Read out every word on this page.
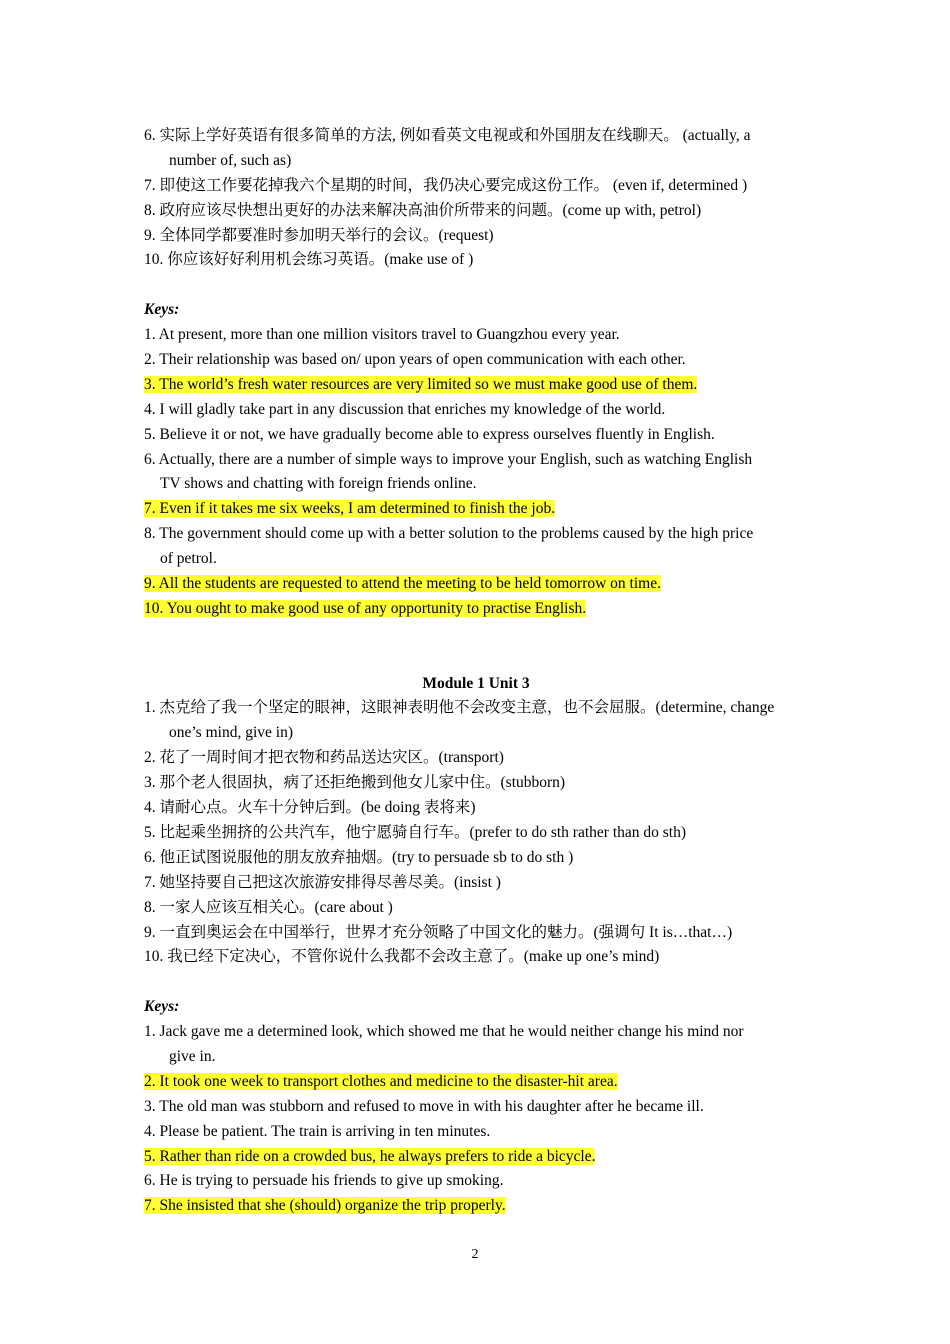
6. 实际上学好英语有很多简单的方法, 例如看英文电视或和外国朋友在线聊天。 (actually, a
number of, such as)
7. 即使这工作要花掉我六个星期的时间，我仍决心要完成这份工作。 (even if, determined )
8. 政府应该尽快想出更好的办法来解决高油价所带来的问题。(come up with, petrol)
9. 全体同学都要准时参加明天举行的会议。(request)
10. 你应该好好利用机会练习英语。(make use of )
Keys:
1. At present, more than one million visitors travel to Guangzhou every year.
2. Their relationship was based on/ upon years of open communication with each other.
3. The world’s fresh water resources are very limited so we must make good use of them.
4. I will gladly take part in any discussion that enriches my knowledge of the world.
5. Believe it or not, we have gradually become able to express ourselves fluently in English.
6. Actually, there are a number of simple ways to improve your English, such as watching English
TV shows and chatting with foreign friends online.
7. Even if it takes me six weeks, I am determined to finish the job.
8. The government should come up with a better solution to the problems caused by the high price
of petrol.
9. All the students are requested to attend the meeting to be held tomorrow on time.
10. You ought to make good use of any opportunity to practise English.
Module 1 Unit 3
1. 杰克给了我一个坚定的眼神，这眼神表明他不会改变主意，也不会屈服。(determine, change
one’s mind, give in)
2. 花了一周时间才把衣物和药品送达灾区。(transport)
3. 那个老人很固执，病了还拒绝搬到他女儿家中住。(stubborn)
4. 请耐心点。火车十分钟后到。(be doing 表将来)
5. 比起乘坐拥挤的公共汽车，他宁愿骑自行车。(prefer to do sth rather than do sth)
6. 他正试图说服他的朋友放弃抽烟。(try to persuade sb to do sth )
7. 她坚持要自己把这次旅游安排得尽善尽美。(insist )
8. 一家人应该互相关心。(care about )
9. 一直到奥运会在中国举行，世界才充分领略了中国文化的魅力。(强调句 It is…that…)
10. 我已经下定决心，不管你说什么我都不会改主意了。(make up one’s mind)
Keys:
1. Jack gave me a determined look, which showed me that he would neither change his mind nor
give in.
2. It took one week to transport clothes and medicine to the disaster-hit area.
3. The old man was stubborn and refused to move in with his daughter after he became ill.
4. Please be patient. The train is arriving in ten minutes.
5. Rather than ride on a crowded bus, he always prefers to ride a bicycle.
6. He is trying to persuade his friends to give up smoking.
7. She insisted that she (should) organize the trip properly.
2
